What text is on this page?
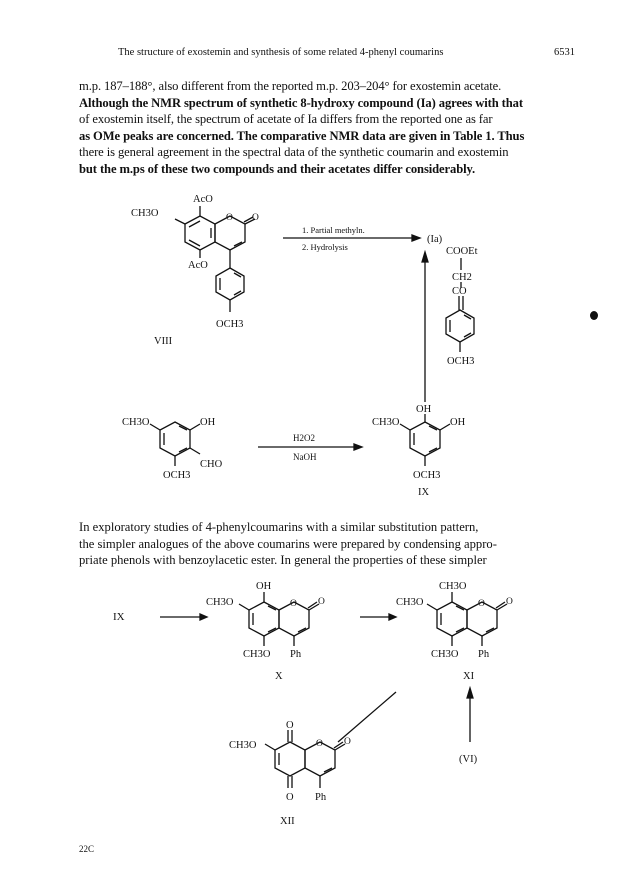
The structure of exostemin and synthesis of some related 4-phenyl coumarins	6531
m.p. 187–188°, also different from the reported m.p. 203–204° for exostemin acetate.
Although the NMR spectrum of synthetic 8-hydroxy compound (Ia) agrees with that
of exostemin itself, the spectrum of acetate of Ia differs from the reported one as far
as OMe peaks are concerned. The comparative NMR data are given in Table 1. Thus
there is general agreement in the spectral data of the synthetic coumarin and exostemin
but the m.ps of these two compounds and their acetates differ considerably.
In exploratory studies of 4-phenylcoumarins with a similar substitution pattern,
the simpler analogues of the above coumarins were prepared by condensing appro-
priate phenols with benzoylacetic ester. In general the properties of these simpler
AcO
CH3O	O O
AcO
OCH3
VIII
1. Partial methyln.
2. Hydrolysis
(Ia)
COOEt
CH2
CO
OCH3
CH3O	OH
CHO
OCH3
H2O2
NaOH
OH
CH3O	OH
OCH3
IX
IX
OH
CH3O	O O
CH3O Ph
X
CH3O
CH3O	O O
CH3O Ph
XI
(VI)
O
CH3O	O O
O Ph
XII
22C
